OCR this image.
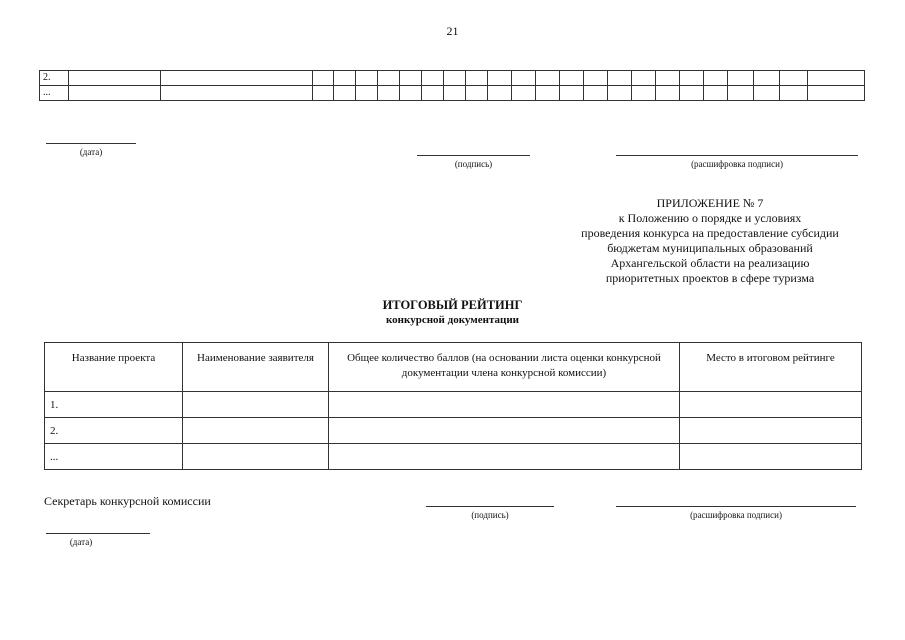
21
2.																								
...																								
(дата)
(подпись)	(расшифровка подписи)
ПРИЛОЖЕНИЕ № 7
к Положению о порядке и условиях
проведения конкурса на предоставление субсидии
бюджетам муниципальных образований
Архангельской области на реализацию
приоритетных проектов в сфере туризма
ИТОГОВЫЙ РЕЙТИНГ
конкурсной документации
Название проекта	Наименование заявителя	Общее количество баллов (на основании листа оценки конкурсной документации члена конкурсной комиссии)	Место в итоговом рейтинге
1.			
2.			
...			
Секретарь конкурсной комиссии
(подпись)	(расшифровка подписи)
(дата)
